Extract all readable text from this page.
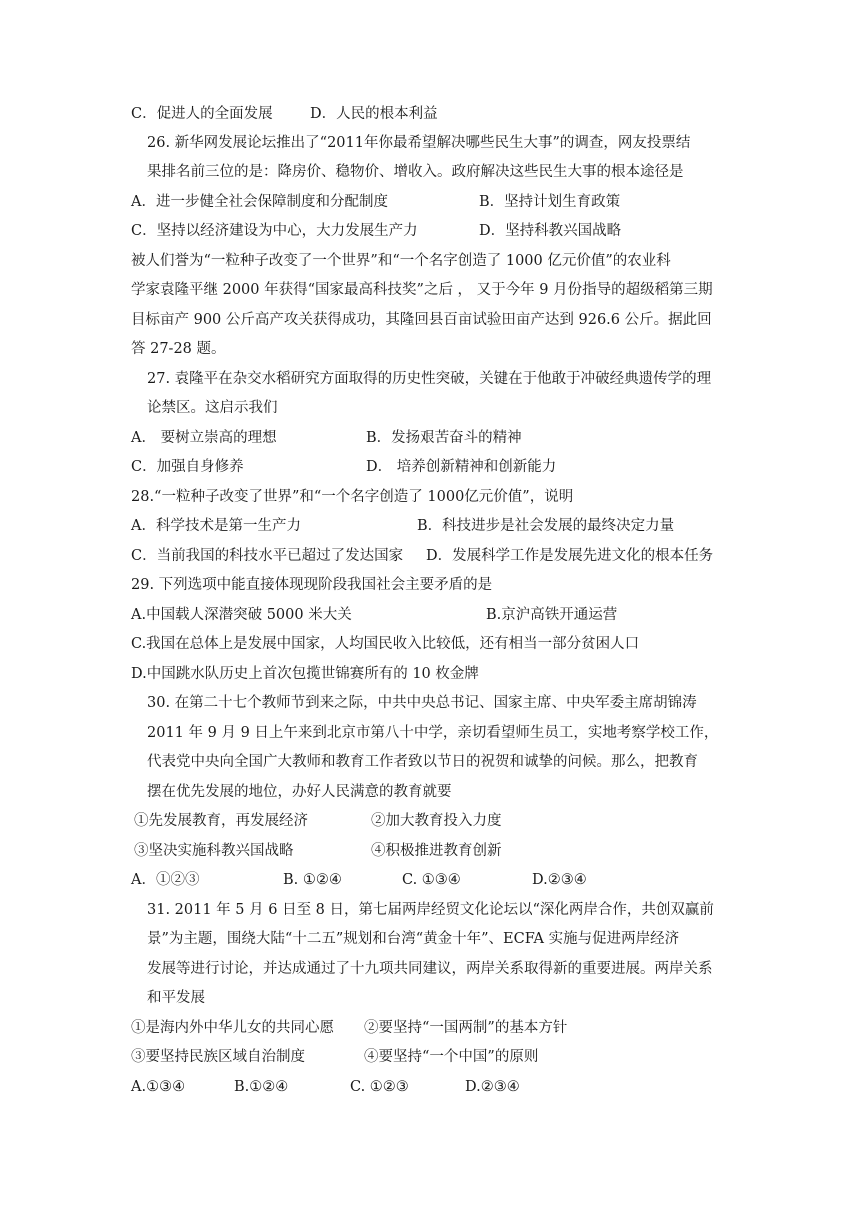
C．促进人的全面发展	D．人民的根本利益
26. 新华网发展论坛推出了“2011年你最希望解决哪些民生大事”的调查，网友投票结
果排名前三位的是：降房价、稳物价、增收入。政府解决这些民生大事的根本途径是
A．进一步健全社会保障制度和分配制度	B．坚持计划生育政策
C．坚持以经济建设为中心，大力发展生产力	D．坚持科教兴国战略
被人们誉为“一粒种子改变了一个世界”和“一个名字创造了 1000 亿元价值”的农业科
学家袁隆平继 2000 年获得“国家最高科技奖”之后 ， 又于今年 9 月份指导的超级稻第三期
目标亩产 900 公斤高产攻关获得成功，其隆回县百亩试验田亩产达到 926.6 公斤。据此回
答 27-28 题。
27. 袁隆平在杂交水稻研究方面取得的历史性突破，关键在于他敢于冲破经典遗传学的理
论禁区。这启示我们
A． 要树立崇高的理想	B．发扬艰苦奋斗的精神
C．加强自身修养	D． 培养创新精神和创新能力
28.“一粒种子改变了世界”和“一个名字创造了 1000亿元价值”，说明
A．科学技术是第一生产力	B．科技进步是社会发展的最终决定力量
C．当前我国的科技水平已超过了发达国家 D．发展科学工作是发展先进文化的根本任务
29. 下列选项中能直接体现现阶段我国社会主要矛盾的是
A.中国载人深潜突破 5000 米大关	B.京沪高铁开通运营
C.我国在总体上是发展中国家，人均国民收入比较低，还有相当一部分贫困人口
D.中国跳水队历史上首次包揽世锦赛所有的 10 枚金牌
30. 在第二十七个教师节到来之际，中共中央总书记、国家主席、中央军委主席胡锦涛
2011 年 9 月 9 日上午来到北京市第八十中学，亲切看望师生员工，实地考察学校工作，
代表党中央向全国广大教师和教育工作者致以节日的祝贺和诚挚的问候。那么，把教育
摆在优先发展的地位，办好人民满意的教育就要
①先发展教育，再发展经济	②加大教育投入力度
③坚决实施科教兴国战略	④积极推进教育创新
A．①②③	B. ①②④	C. ①③④	D.②③④
31. 2011 年 5 月 6 日至 8 日，第七届两岸经贸文化论坛以“深化两岸合作，共创双赢前
景”为主题，围绕大陆“十二五”规划和台湾“黄金十年”、ECFA 实施与促进两岸经济
发展等进行讨论，并达成通过了十九项共同建议，两岸关系取得新的重要进展。两岸关系
和平发展
①是海内外中华儿女的共同心愿 ②要坚持“一国两制”的基本方针
③要坚持民族区域自治制度	④要坚持“一个中国”的原则
A.①③④	B.①②④	C. ①②③	D.②③④
